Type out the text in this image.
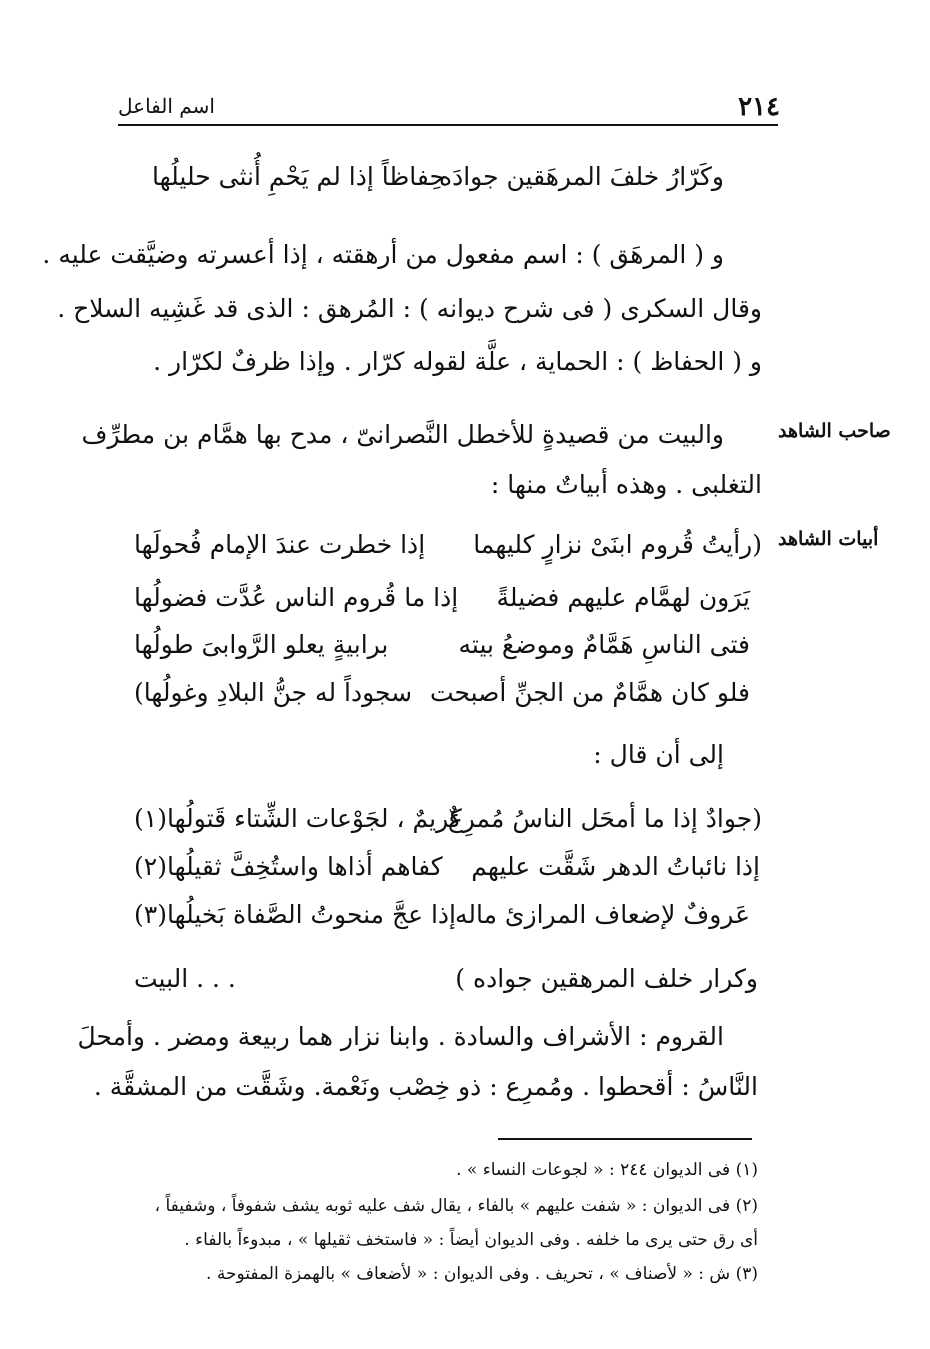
٢١٤
اسم الفاعل
وكَرّارُ خلفَ المرهَقين جوادَه
حِفاظاً إذا لم يَحْمِ أُنثى حليلُها
و ( المرهَق ) : اسم مفعول من أرهقته ، إذا أعسرته وضيَّقت عليه .
وقال السكرى ( فى شرح ديوانه ) : المُرهق : الذى قد غَشِيه السلاح .
و ( الحفاظ ) : الحماية ، علَّة لقوله كرّار . وإذا ظرفٌ لكرّار .
صاحب الشاهد
أبيات الشاهد
والبيت من قصيدةٍ للأخطل النَّصرانىّ ، مدح بها همَّام بن مطرِّف
التغلبى . وهذه أبياتٌ منها :
(رأيتُ قُروم ابنَىْ نزارٍ كليهما
إذا خطرت عندَ الإمام فُحولَها
يَرَون لهمَّام عليهم فضيلةً
إذا ما قُروم الناس عُدَّت فضولُها
فتى الناسِ هَمَّامٌ وموضعُ بيته
برابيةٍ يعلو الرَّوابىَ طولُها
فلو كان همَّامٌ من الجنِّ أصبحت
سجوداً له جنُّ البلادِ وغولُها)
إلى أن قال :
(جوادٌ إذا ما أمحَل الناسُ مُمرِعٌ
كريمٌ ، لجَوْعات الشِّتاء قَتولُها(١)
إذا نائباتُ الدهر شَقَّت عليهم
كفاهم أذاها واستُخِفَّ ثقيلُها(٢)
عَروفٌ لإضعاف المرازئ ماله
إذا عجَّ منحوتُ الصَّفاة بَخيلُها(٣)
وكرار خلف المرهقين جواده )
. . . البيت
القروم : الأشراف والسادة . وابنا نزار هما ربيعة ومضر . وأمحلَ
النَّاسُ : أقحطوا . ومُمرِع : ذو خِصْب ونَعْمة. وشَقَّت من المشقَّة .
(١) فى الديوان ٢٤٤ : « لجوعات النساء » .
(٢) فى الديوان : « شفت عليهم » بالفاء ، يقال شف عليه ثوبه يشف شفوفاً ، وشفيفاً ،
أى رق حتى يرى ما خلفه . وفى الديوان أيضاً : « فاستخف ثقيلها » ، مبدوءاً بالفاء .
(٣) ش : « لأصناف » ، تحريف . وفى الديوان : « لأضعاف » بالهمزة المفتوحة .
